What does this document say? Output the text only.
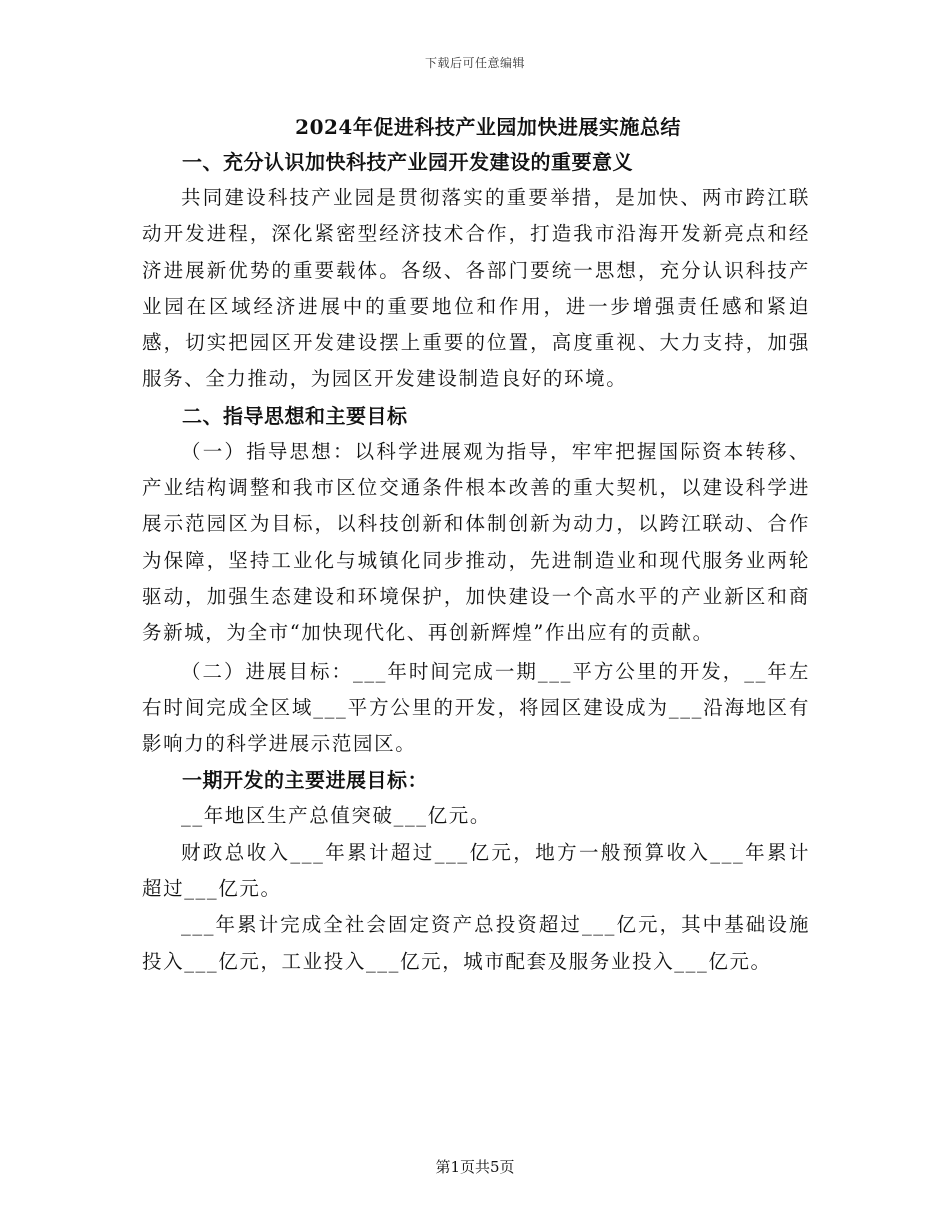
下载后可任意编辑

2024年促进科技产业园加快进展实施总结

一、充分认识加快科技产业园开发建设的重要意义

共同建设科技产业园是贯彻落实的重要举措，是加快、两市跨江联动开发进程，深化紧密型经济技术合作，打造我市沿海开发新亮点和经济进展新优势的重要载体。各级、各部门要统一思想，充分认识科技产业园在区域经济进展中的重要地位和作用，进一步增强责任感和紧迫感，切实把园区开发建设摆上重要的位置，高度重视、大力支持，加强服务、全力推动，为园区开发建设制造良好的环境。

二、指导思想和主要目标

（一）指导思想：以科学进展观为指导，牢牢把握国际资本转移、产业结构调整和我市区位交通条件根本改善的重大契机，以建设科学进展示范园区为目标，以科技创新和体制创新为动力，以跨江联动、合作为保障，坚持工业化与城镇化同步推动，先进制造业和现代服务业两轮驱动，加强生态建设和环境保护，加快建设一个高水平的产业新区和商务新城，为全市“加快现代化、再创新辉煌”作出应有的贡献。

（二）进展目标：___年时间完成一期___平方公里的开发，__年左右时间完成全区域___平方公里的开发，将园区建设成为___沿海地区有影响力的科学进展示范园区。

一期开发的主要进展目标：

__年地区生产总值突破___亿元。

财政总收入___年累计超过___亿元，地方一般预算收入___年累计超过___亿元。

___年累计完成全社会固定资产总投资超过___亿元，其中基础设施投入___亿元，工业投入___亿元，城市配套及服务业投入___亿元。

第1页共5页
